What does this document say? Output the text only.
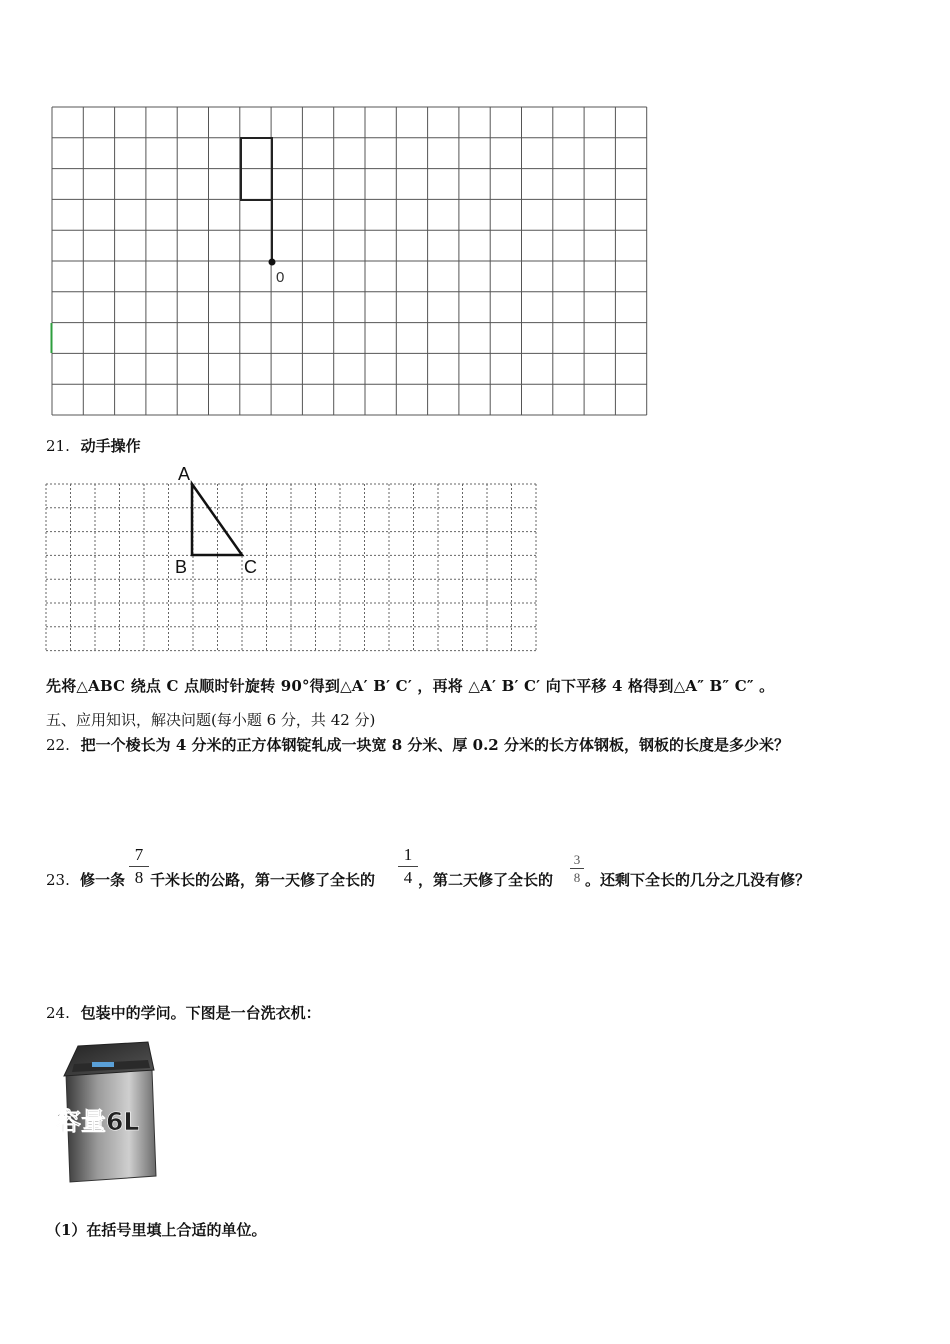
0
21. 动手操作
A
B	C
先将△ABC 绕点 C 点顺时针旋转 90°得到△A′ B′ C′ ，再将 △A′ B′ C′ 向下平移 4 格得到△A″ B″ C″ 。
五、应用知识，解决问题(每小题 6 分，共 42 分)
22. 把一个棱长为 4 分米的正方体钢锭轧成一块宽 8 分米、厚 0.2 分米的长方体钢板，钢板的长度是多少米？
23. 修一条
7
8 千米长的公路，第一天修了全长的
1
4 ，第二天修了全长的
3
8 。还剩下全长的几分之几没有修？
24. 包装中的学问。下图是一台洗衣机：
容量6L
（1）在括号里填上合适的单位。
